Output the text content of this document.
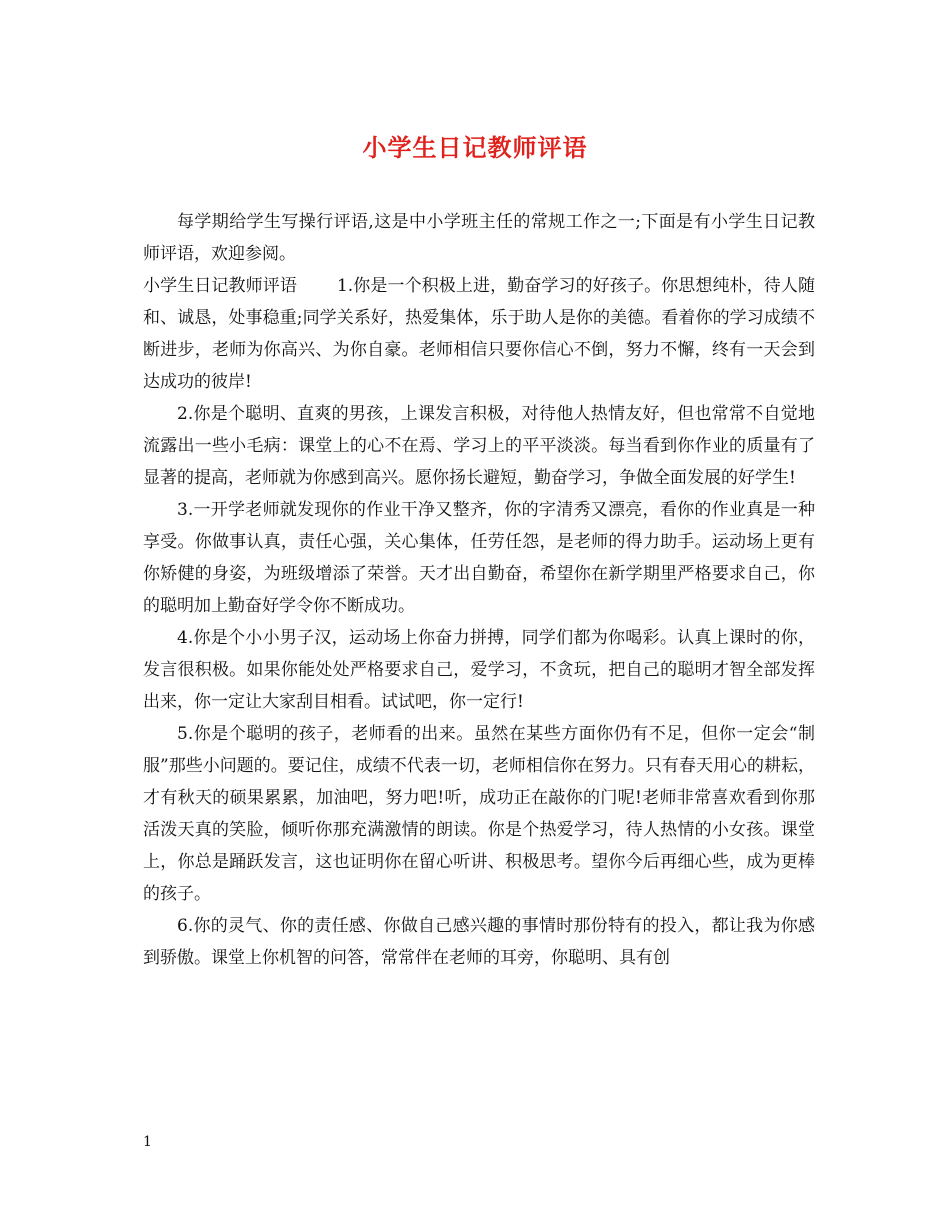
小学生日记教师评语

每学期给学生写操行评语,这是中小学班主任的常规工作之一;下面是有小学生日记教师评语，欢迎参阅。

小学生日记教师评语 1.你是一个积极上进，勤奋学习的好孩子。你思想纯朴，待人随和、诚恳，处事稳重;同学关系好，热爱集体，乐于助人是你的美德。看着你的学习成绩不断进步，老师为你高兴、为你自豪。老师相信只要你信心不倒，努力不懈，终有一天会到达成功的彼岸!

2.你是个聪明、直爽的男孩，上课发言积极，对待他人热情友好，但也常常不自觉地流露出一些小毛病：课堂上的心不在焉、学习上的平平淡淡。每当看到你作业的质量有了显著的提高，老师就为你感到高兴。愿你扬长避短，勤奋学习，争做全面发展的好学生!

3.一开学老师就发现你的作业干净又整齐，你的字清秀又漂亮，看你的作业真是一种享受。你做事认真，责任心强，关心集体，任劳任怨，是老师的得力助手。运动场上更有你矫健的身姿，为班级增添了荣誉。天才出自勤奋，希望你在新学期里严格要求自己，你的聪明加上勤奋好学令你不断成功。

4.你是个小小男子汉，运动场上你奋力拼搏，同学们都为你喝彩。认真上课时的你，发言很积极。如果你能处处严格要求自己，爱学习，不贪玩，把自己的聪明才智全部发挥出来，你一定让大家刮目相看。试试吧，你一定行!

5.你是个聪明的孩子，老师看的出来。虽然在某些方面你仍有不足，但你一定会“制服”那些小问题的。要记住，成绩不代表一切，老师相信你在努力。只有春天用心的耕耘，才有秋天的硕果累累，加油吧，努力吧!听，成功正在敲你的门呢!老师非常喜欢看到你那活泼天真的笑脸，倾听你那充满激情的朗读。你是个热爱学习，待人热情的小女孩。课堂上，你总是踊跃发言，这也证明你在留心听讲、积极思考。望你今后再细心些，成为更棒的孩子。

6.你的灵气、你的责任感、你做自己感兴趣的事情时那份特有的投入，都让我为你感到骄傲。课堂上你机智的问答，常常伴在老师的耳旁，你聪明、具有创

1
